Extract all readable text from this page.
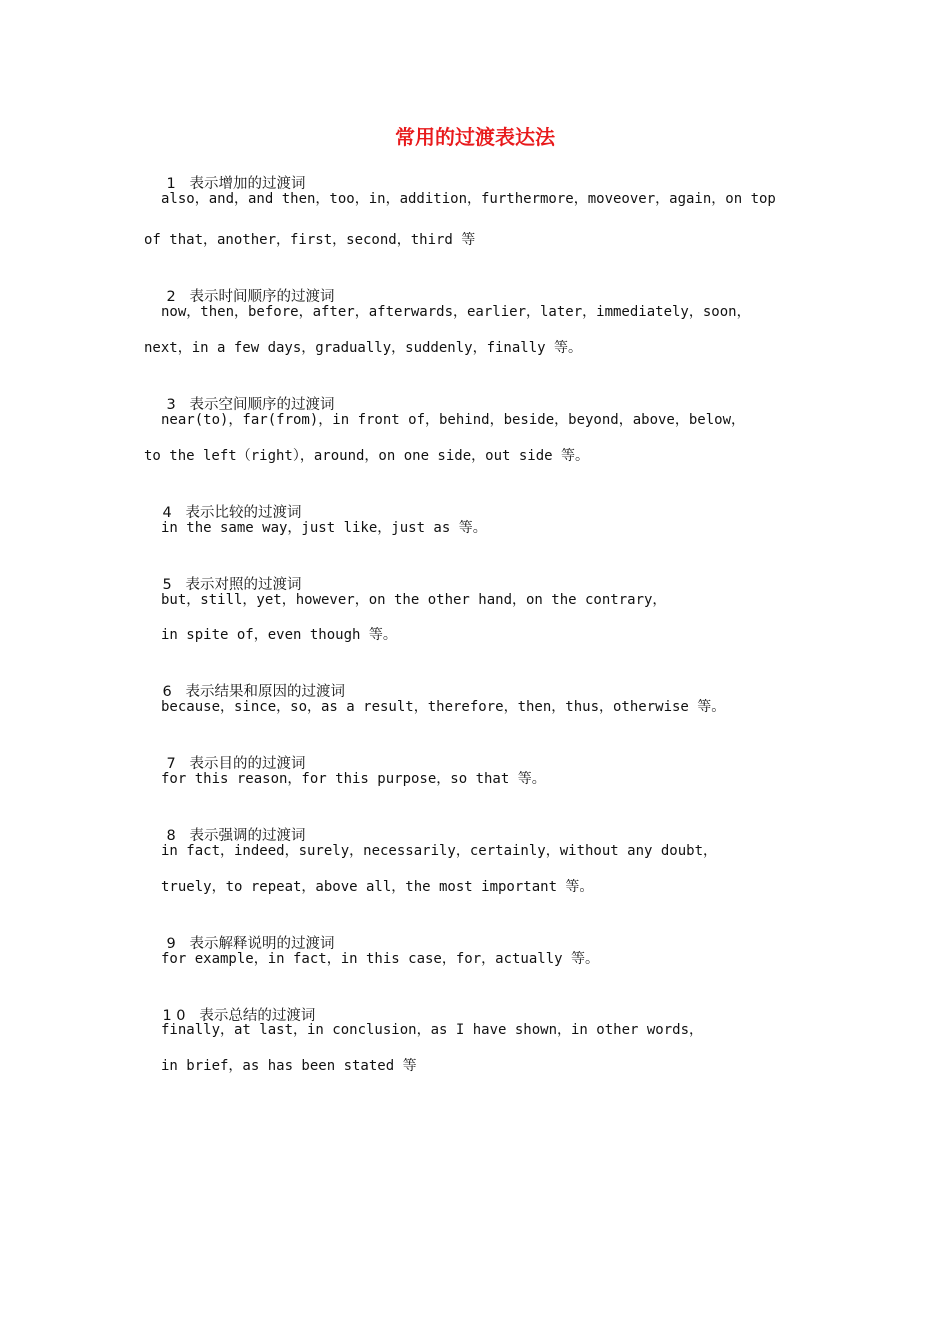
常用的过渡表达法

1 表示增加的过渡词

also，and，and then，too，in，addition，furthermore，moveover，again，on top
of that，another，first，second，third 等

2 表示时间顺序的过渡词

now，then，before，after，afterwards，earlier，later，immediately，soon，
next，in a few days，gradually，suddenly，finally 等。

3 表示空间顺序的过渡词

near(to)，far(from)，in front of，behind，beside，beyond，above，below，
to the left（right），around，on one side，out side 等。

4 表示比较的过渡词

in the same way，just like，just as 等。

5 表示对照的过渡词

but，still，yet，however，on the other hand，on the contrary，
in spite of，even though 等。

6 表示结果和原因的过渡词

because，since，so，as a result，therefore，then，thus，otherwise 等。

7 表示目的的过渡词

for this reason，for this purpose，so that 等。

8 表示强调的过渡词

in fact，indeed，surely，necessarily，certainly，without any doubt，
truely，to repeat，above all，the most important 等。

9 表示解释说明的过渡词

for example，in fact，in this case，for，actually 等。

1 0 表示总结的过渡词

finally，at last，in conclusion，as I have shown，in other words，
in brief，as has been stated 等
